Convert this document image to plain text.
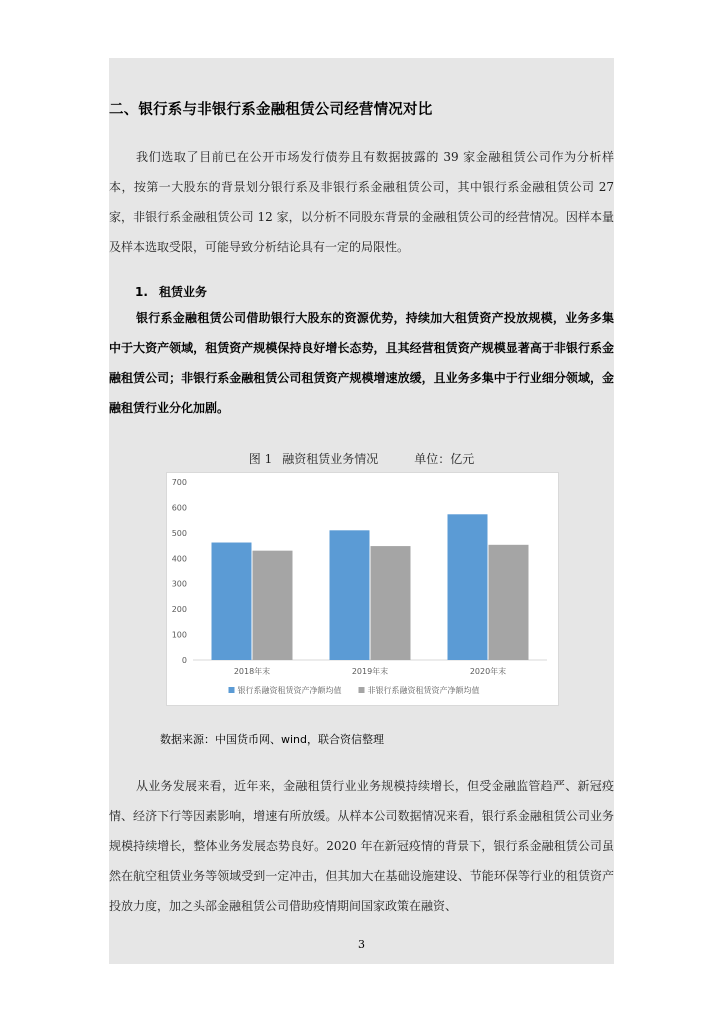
二、银行系与非银行系金融租赁公司经营情况对比

我们选取了目前已在公开市场发行债券且有数据披露的 39 家金融租赁公司作为分析样本，按第一大股东的背景划分银行系及非银行系金融租赁公司，其中银行系金融租赁公司 27 家，非银行系金融租赁公司 12 家，以分析不同股东背景的金融租赁公司的经营情况。因样本量及样本选取受限，可能导致分析结论具有一定的局限性。

1. 租赁业务

银行系金融租赁公司借助银行大股东的资源优势，持续加大租赁资产投放规模，业务多集中于大资产领域，租赁资产规模保持良好增长态势，且其经营租赁资产规模显著高于非银行系金融租赁公司；非银行系金融租赁公司租赁资产规模增速放缓，且业务多集中于行业细分领域，金融租赁行业分化加剧。

图 1 融资租赁业务情况	单位：亿元
0
100
200
300
400
500
600
700
2018年末	2019年末	2020年末
银行系融资租赁资产净额均值	非银行系融资租赁资产净额均值

数据来源：中国货币网、wind，联合资信整理

从业务发展来看，近年来，金融租赁行业业务规模持续增长，但受金融监管趋严、新冠疫情、经济下行等因素影响，增速有所放缓。从样本公司数据情况来看，银行系金融租赁公司业务规模持续增长，整体业务发展态势良好。2020 年在新冠疫情的背景下，银行系金融租赁公司虽然在航空租赁业务等领域受到一定冲击，但其加大在基础设施建设、节能环保等行业的租赁资产投放力度，加之头部金融租赁公司借助疫情期间国家政策在融资、

3
